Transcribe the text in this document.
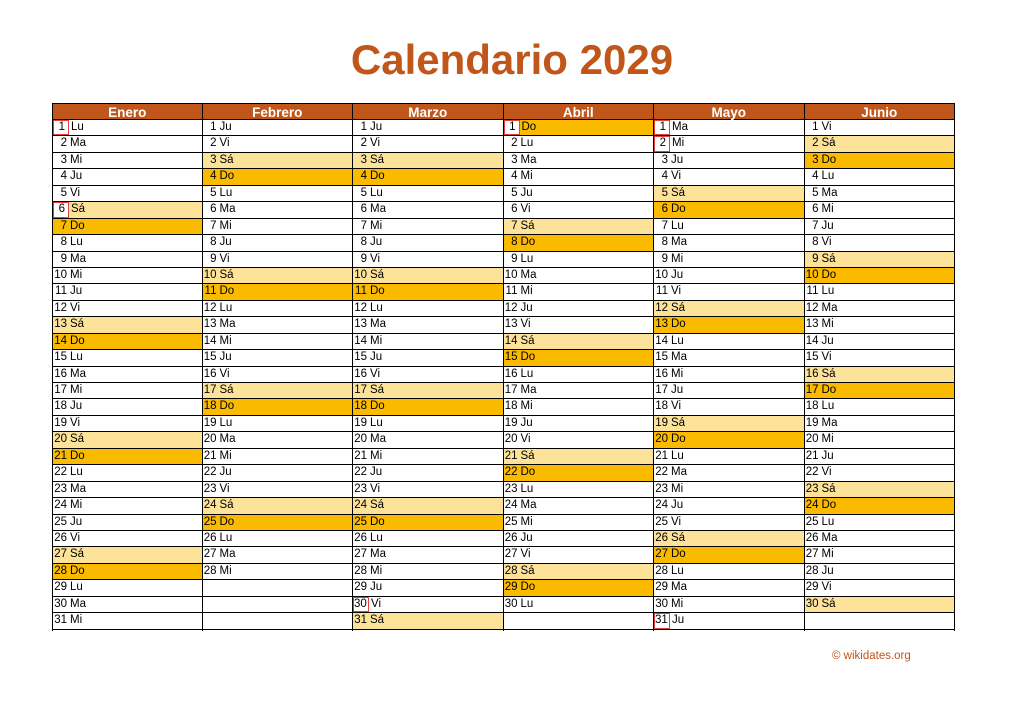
Calendario 2029
Enero
1 Lu
2 Ma
3 Mi
4 Ju
5 Vi
6 Sá
7 Do
8 Lu
9 Ma
10 Mi
11 Ju
12 Vi
13 Sá
14 Do
15 Lu
16 Ma
17 Mi
18 Ju
19 Vi
20 Sá
21 Do
22 Lu
23 Ma
24 Mi
25 Ju
26 Vi
27 Sá
28 Do
29 Lu
30 Ma
31 Mi
Febrero
1 Ju
2 Vi
3 Sá
4 Do
5 Lu
6 Ma
7 Mi
8 Ju
9 Vi
10 Sá
11 Do
12 Lu
13 Ma
14 Mi
15 Ju
16 Vi
17 Sá
18 Do
19 Lu
20 Ma
21 Mi
22 Ju
23 Vi
24 Sá
25 Do
26 Lu
27 Ma
28 Mi
Marzo
1 Ju
2 Vi
3 Sá
4 Do
5 Lu
6 Ma
7 Mi
8 Ju
9 Vi
10 Sá
11 Do
12 Lu
13 Ma
14 Mi
15 Ju
16 Vi
17 Sá
18 Do
19 Lu
20 Ma
21 Mi
22 Ju
23 Vi
24 Sá
25 Do
26 Lu
27 Ma
28 Mi
29 Ju
30 Vi
31 Sá
Abril
1 Do
2 Lu
3 Ma
4 Mi
5 Ju
6 Vi
7 Sá
8 Do
9 Lu
10 Ma
11 Mi
12 Ju
13 Vi
14 Sá
15 Do
16 Lu
17 Ma
18 Mi
19 Ju
20 Vi
21 Sá
22 Do
23 Lu
24 Ma
25 Mi
26 Ju
27 Vi
28 Sá
29 Do
30 Lu
Mayo
1 Ma
2 Mi
3 Ju
4 Vi
5 Sá
6 Do
7 Lu
8 Ma
9 Mi
10 Ju
11 Vi
12 Sá
13 Do
14 Lu
15 Ma
16 Mi
17 Ju
18 Vi
19 Sá
20 Do
21 Lu
22 Ma
23 Mi
24 Ju
25 Vi
26 Sá
27 Do
28 Lu
29 Ma
30 Mi
31 Ju
Junio
1 Vi
2 Sá
3 Do
4 Lu
5 Ma
6 Mi
7 Ju
8 Vi
9 Sá
10 Do
11 Lu
12 Ma
13 Mi
14 Ju
15 Vi
16 Sá
17 Do
18 Lu
19 Ma
20 Mi
21 Ju
22 Vi
23 Sá
24 Do
25 Lu
26 Ma
27 Mi
28 Ju
29 Vi
30 Sá
© wikidates.org
